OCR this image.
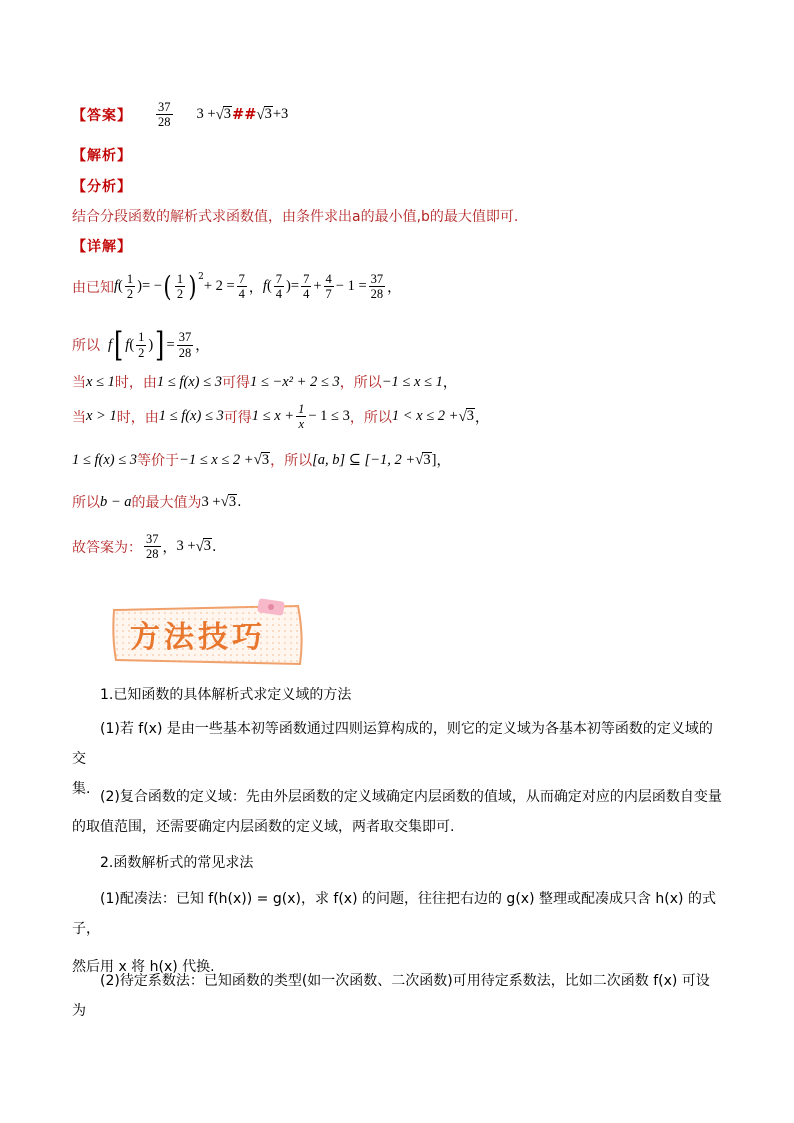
【答案】 $\frac{37}{28} 3$ + √ 3 ## √ 3 +3
【解析】
【分析】
结合分段函数的解析式求函数值，由条件求出a的最小值,b的最大值即可.
【详解】
由已知 f ( $\frac{1}{2}$ ) = − ( $\frac{1}{2} )^2$
+ $2 = \frac{7}{4}$ ， f ( $\frac{7}{4}$ ) = $\frac{7}{4} + \frac{4}{7} - 1 = \frac{37}{28}$ ，
所以 f [ f ( $\frac{1}{2}$ ) ] = $\frac{37}{28}$ ，
当 x ≤ 1 时，由 1 ≤ f(x) ≤ 3 可得 1 ≤ −x² + 2 ≤ 3 ，所以 −1 ≤ x ≤ 1 ，
当 x > 1 时，由 1 ≤ f(x) ≤ 3 可得 $1 \le x + \frac{1}{x} - 1 \le 3$ ，所以 1 < x ≤ 2 + √ 3 ，
1 ≤ f(x) ≤ 3 等价于 −1 ≤ x ≤ 2 + √ 3 ，所以 [a, b] ⊆ [−1, 2 + √ 3 ] ，
所以 b − a 的最大值为 3 + √ 3 .
故答案为： $\frac{37}{28}$ ， 3 + √ 3 .
方法技巧
1.已知函数的具体解析式求定义域的方法
(1)若 f(x) 是由一些基本初等函数通过四则运算构成的，则它的定义域为各基本初等函数的定义域的交
集. (2)复合函数的定义域：先由外层函数的定义域确定内层函数的值域，从而确定对应的内层函数自变量
的取值范围，还需要确定内层函数的定义域，两者取交集即可.
2.函数解析式的常见求法
(1)配凑法：已知 f(h(x)) = g(x)，求 f(x) 的问题，往往把右边的 g(x) 整理或配凑成只含 h(x) 的式子，
然后用 x 将 h(x) 代换.
(2)待定系数法：已知函数的类型(如一次函数、二次函数)可用待定系数法，比如二次函数 f(x) 可设为
